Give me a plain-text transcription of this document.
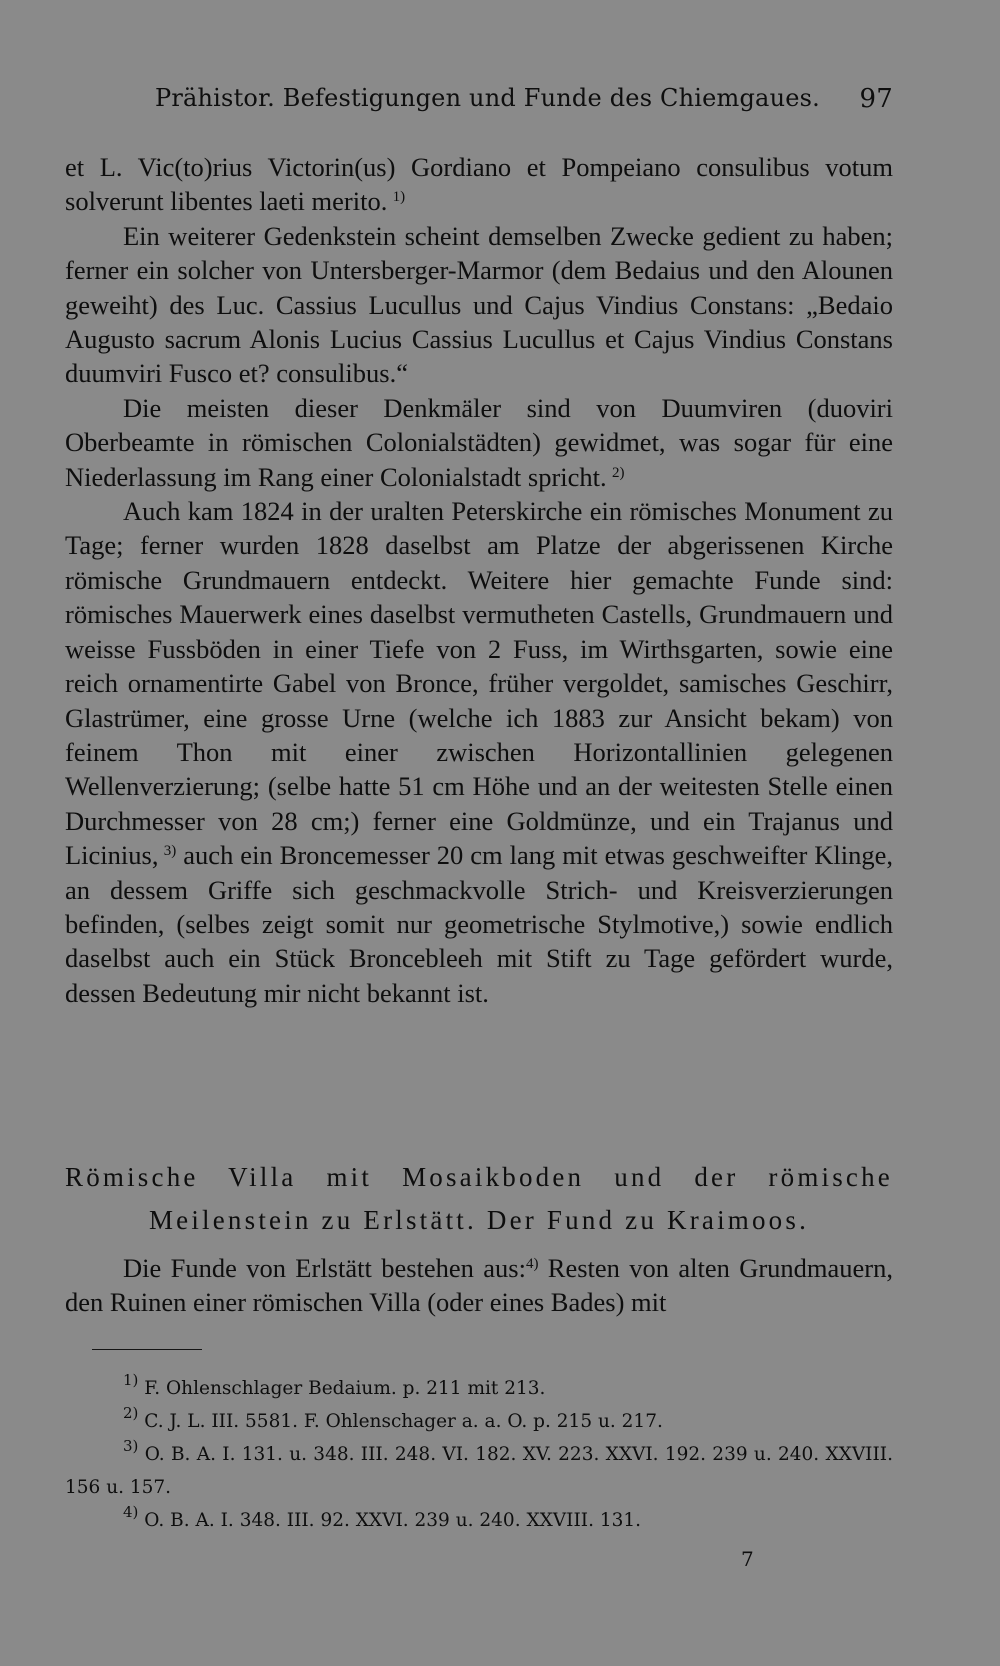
Prähistor. Befestigungen und Funde des Chiemgaues. 97

et L. Vic(to)rius Victorin(us) Gordiano et Pompeiano consulibus votum solverunt libentes laeti merito.  $^{1)}$

Ein weiterer Gedenkstein scheint demselben Zwecke gedient zu haben; ferner ein solcher von Untersberger-Marmor (dem Bedaius und den Alounen geweiht) des Luc. Cassius Lucullus und Cajus Vindius Constans: „Bedaio Augusto sacrum Alonis Lucius Cassius Lucullus et Cajus Vindius Constans duumviri Fusco et? consulibus.“

Die meisten dieser Denkmäler sind von Duumviren (duoviri Oberbeamte in römischen Colonialstädten) gewidmet, was sogar für eine Niederlassung im Rang einer Colonialstadt spricht.  $^{2)}$

Auch kam 1824 in der uralten Peterskirche ein römisches Monument zu Tage; ferner wurden 1828 daselbst am Platze der abgerissenen Kirche römische Grundmauern entdeckt. Weitere hier gemachte Funde sind: römisches Mauerwerk eines daselbst vermutheten Castells, Grundmauern und weisse Fussböden in einer Tiefe von 2 Fuss, im Wirthsgarten, sowie eine reich ornamentirte Gabel von Bronce, früher vergoldet, samisches Geschirr, Glastrümer, eine grosse Urne (welche ich 1883 zur Ansicht bekam) von feinem Thon mit einer zwischen Horizontallinien gelegenen Wellenverzierung; (selbe hatte 51 cm Höhe und an der weitesten Stelle einen Durchmesser von 28 cm;) ferner eine Goldmünze, und ein Trajanus und Licinius,  $^{3)}$ auch ein Broncemesser 20 cm lang mit etwas geschweifter Klinge, an dessem Griffe sich geschmackvolle Strich- und Kreisverzierungen befinden, (selbes zeigt somit nur geometrische Stylmotive,) sowie endlich daselbst auch ein Stück Broncebleeh mit Stift zu Tage gefördert wurde, dessen Bedeutung mir nicht bekannt ist.

Römische Villa mit Mosaikboden und der römische
Meilenstein zu Erlstätt. Der Fund zu Kraimoos.

Die Funde von Erlstätt bestehen aus:$^{4)}$ Resten von alten Grundmauern, den Ruinen einer römischen Villa (oder eines Bades) mit

$^{1)}$ F. Ohlenschlager Bedaium. p. 211 mit 213.

$^{2)}$ C. J. L. III. 5581. F. Ohlenschager a. a. O. p. 215 u. 217.

$^{3)}$ O. B. A. I. 131. u. 348. III. 248. VI. 182. XV. 223. XXVI. 192. 239 u. 240. XXVIII. 156 u. 157.

$^{4)}$ O. B. A. I. 348. III. 92. XXVI. 239 u. 240. XXVIII. 131.

7
